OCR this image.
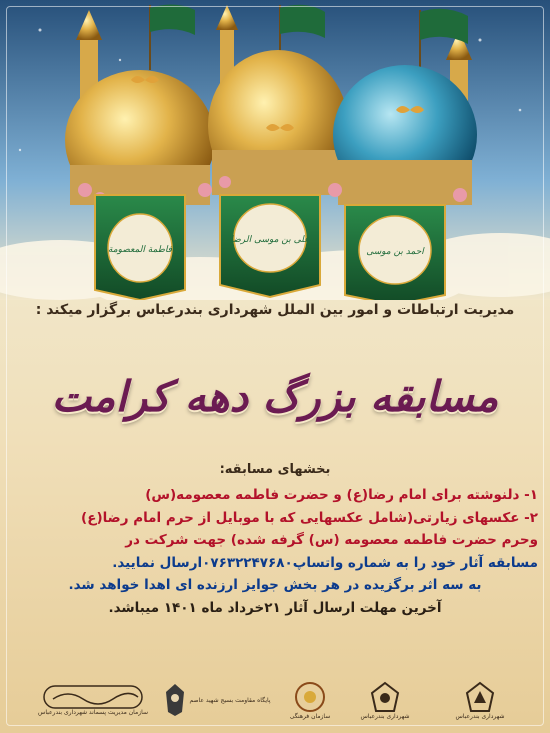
فاطمة المعصومة
علی بن موسی الرضا
احمد بن موسی
مدیریت ارتباطات و امور بین الملل شهرداری بندرعباس برگزار میکند :
مسابقه بزرگ دهه کرامت
بخشهای مسابقه:
۱- دلنوشته برای امام رضا(ع) و حضرت فاطمه معصومه(س)
۲- عکسهای زیارتی(شامل عکسهایی که با موبایل از حرم امام رضا(ع)
وحرم حضرت فاطمه معصومه (س) گرفه شده) جهت شرکت در
مسابقه آثار خود را به شماره واتساپ۰۷۶۳۲۲۴۷۶۸۰ارسال نمایید.
به سه اثر برگزیده در هر بخش جوایز ارزنده ای اهدا خواهد شد.
آخرین مهلت ارسال آثار ۲۱خرداد ماه ۱۴۰۱ میباشد.
سازمان مدیریت پسماند شهرداری بندرعباس
پایگاه مقاومت بسیج شهید عاصم
سازمان فرهنگی	شهرداری بندرعباس	شهرداری بندرعباس
